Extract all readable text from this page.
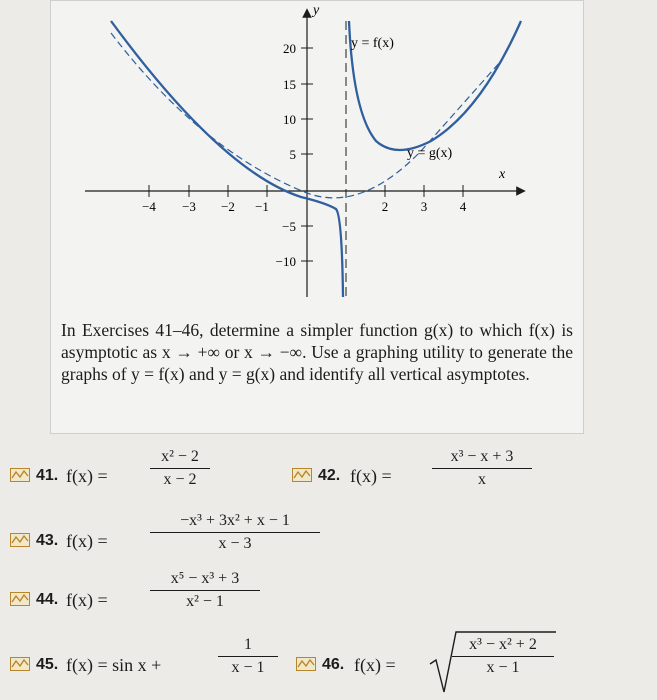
y
x
y = f(x)
y = g(x)
−4 −3 −2 −1	2	3	4
20
15
10
5
−5
−10

In Exercises 41–46, determine a simpler function g(x) to which f(x) is asymptotic as x → +∞ or x → −∞. Use a graphing utility to generate the graphs of y = f(x) and y = g(x) and identify all vertical asymptotes.

41. f(x) =
x² − 2
x − 2	42. f(x) =
x³ − x + 3
x
43. f(x) =
−x³ + 3x² + x − 1
x − 3
44. f(x) =
x⁵ − x³ + 3
x² − 1
45. f(x) = sin x +
1
x − 1	46. f(x) =
x³ − x² + 2
x − 1
